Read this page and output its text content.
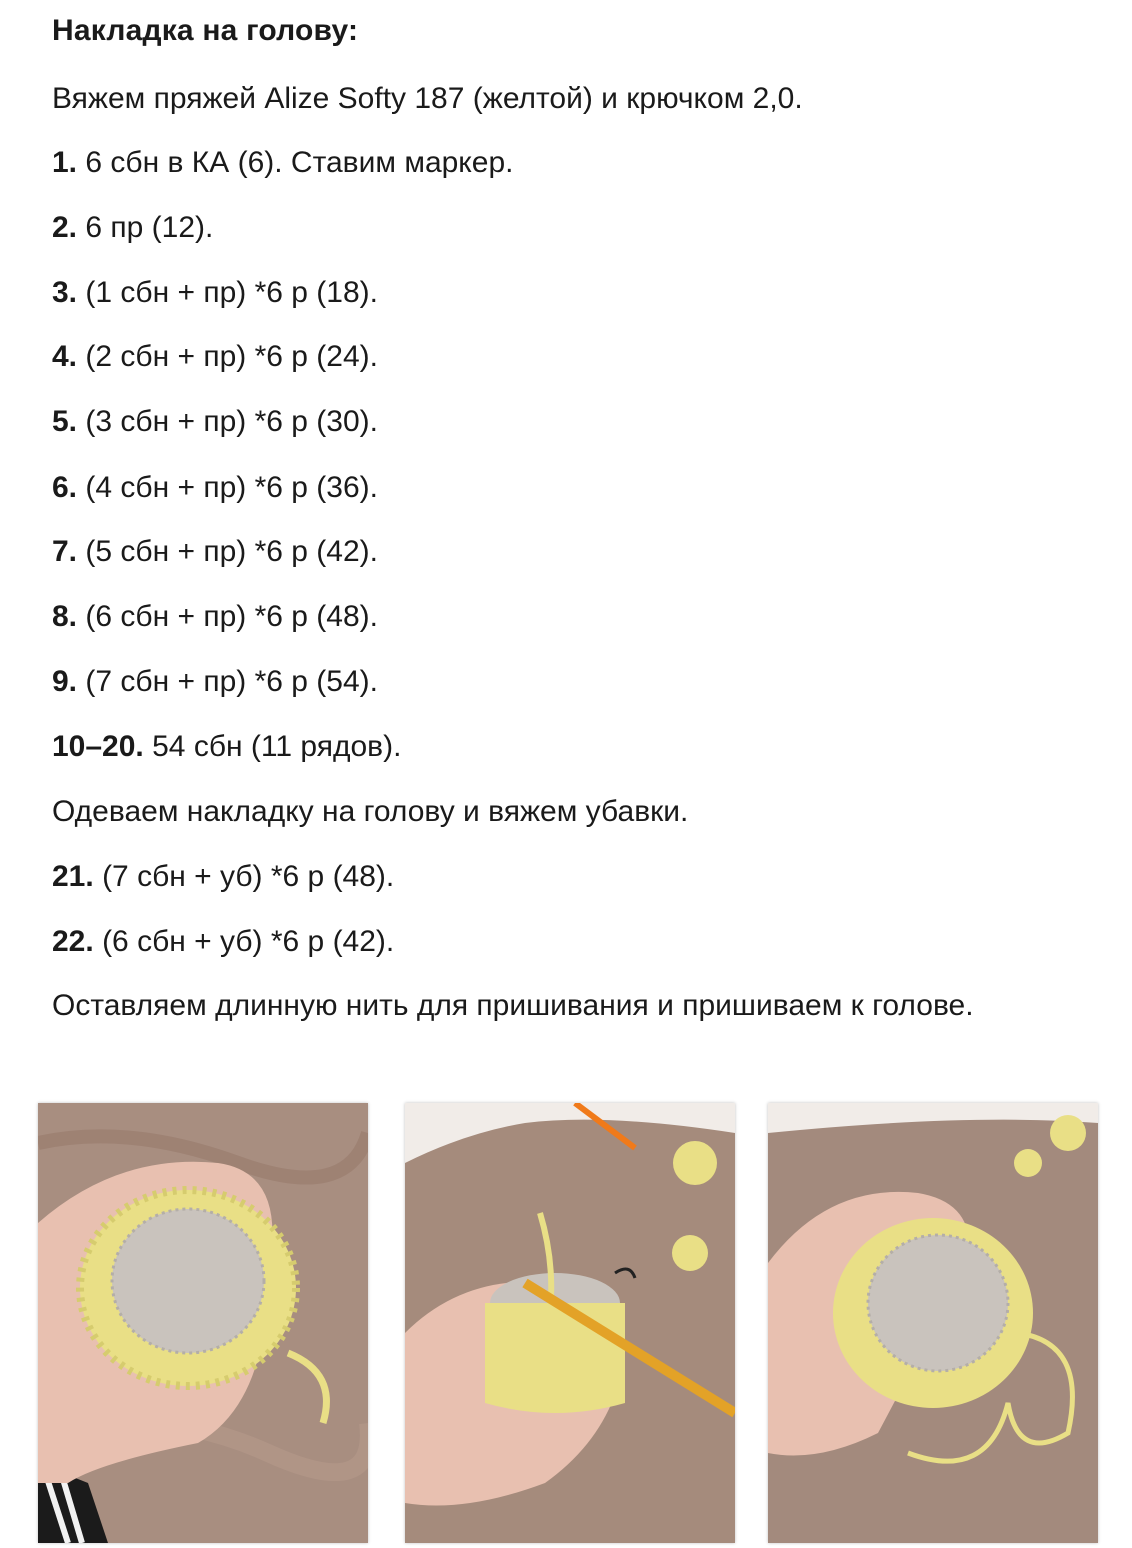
Накладка на голову:
Вяжем пряжей Alize Softy 187 (желтой) и крючком 2,0.
1. 6 сбн в КА (6). Ставим маркер.
2. 6 пр (12).
3. (1 сбн + пр) *6 р (18).
4. (2 сбн + пр) *6 р (24).
5. (3 сбн + пр) *6 р (30).
6. (4 сбн + пр) *6 р (36).
7. (5 сбн + пр) *6 р (42).
8. (6 сбн + пр) *6 р (48).
9. (7 сбн + пр) *6 р (54).
10–20. 54 сбн (11 рядов).
Одеваем накладку на голову и вяжем убавки.
21. (7 сбн + уб) *6 р (48).
22. (6 сбн + уб) *6 р (42).
Оставляем длинную нить для пришивания и пришиваем к голове.
